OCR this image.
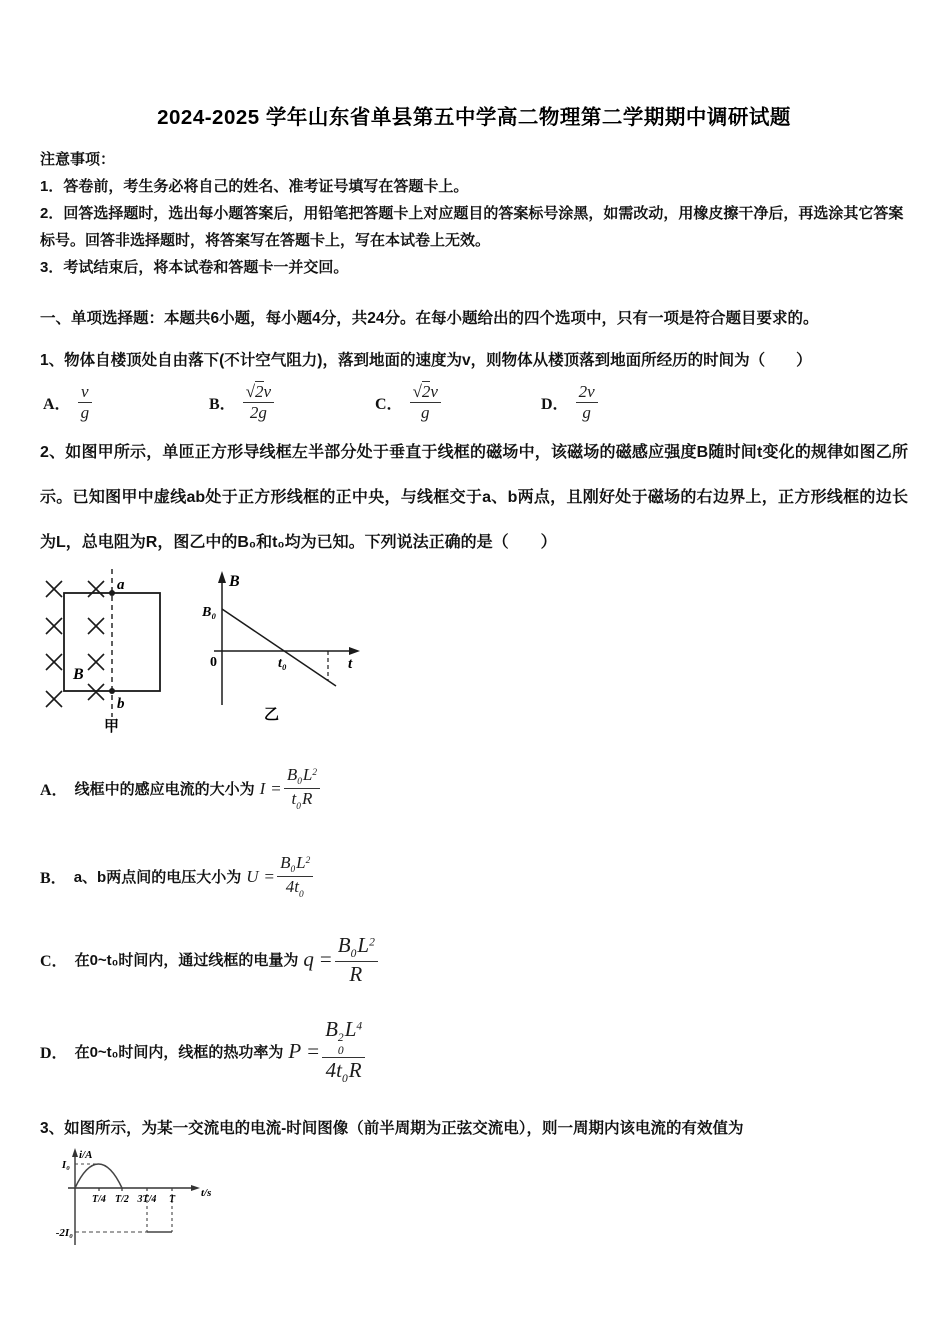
2024-2025 学年山东省单县第五中学高二物理第二学期期中调研试题
注意事项：

1．答卷前，考生务必将自己的姓名、准考证号填写在答题卡上。

2．回答选择题时，选出每小题答案后，用铅笔把答题卡上对应题目的答案标号涂黑，如需改动，用橡皮擦干净后，再选涂其它答案标号。回答非选择题时，将答案写在答题卡上，写在本试卷上无效。

3．考试结束后，将本试卷和答题卡一并交回。

一、单项选择题：本题共6小题，每小题4分，共24分。在每小题给出的四个选项中，只有一项是符合题目要求的。

1、物体自楼顶处自由落下(不计空气阻力)，落到地面的速度为v，则物体从楼顶落到地面所经历的时间为（　　）

A． $\frac{v}{g}$	B． $\frac{√2v}{2g}$	C． $\frac{√2v}{g}$	D． $\frac{2v}{g}$

2、如图甲所示，单匝正方形导线框左半部分处于垂直于线框的磁场中，该磁场的磁感应强度B随时间t变化的规律如图乙所示。已知图甲中虚线ab处于正方形线框的正中央，与线框交于a、b两点，且刚好处于磁场的右边界上，正方形线框的边长为L，总电阻为R，图乙中的B₀和t₀均为已知。下列说法正确的是（　　）

a
b
B
甲
B
B₀
0	t₀	t
乙
A． 线框中的感应电流的大小为 $I = \frac{B 0 L^2}{t 0 R}$
B． a、b两点间的电压大小为 $U = \frac{B 0 L^2}{4t 0}$
C． 在0~t₀时间内，通过线框的电量为 $q = \frac{B 0 L^2}{R}$
D． 在0~t₀时间内，线框的热功率为 P = B 2
0
$L^4$
4t 0 R

3、如图所示，为某一交流电的电流-时间图像（前半周期为正弦交流电），则一周期内该电流的有效值为

i/A
I₀
-2I₀
T/4 T/2 3T/4 T
t/s
